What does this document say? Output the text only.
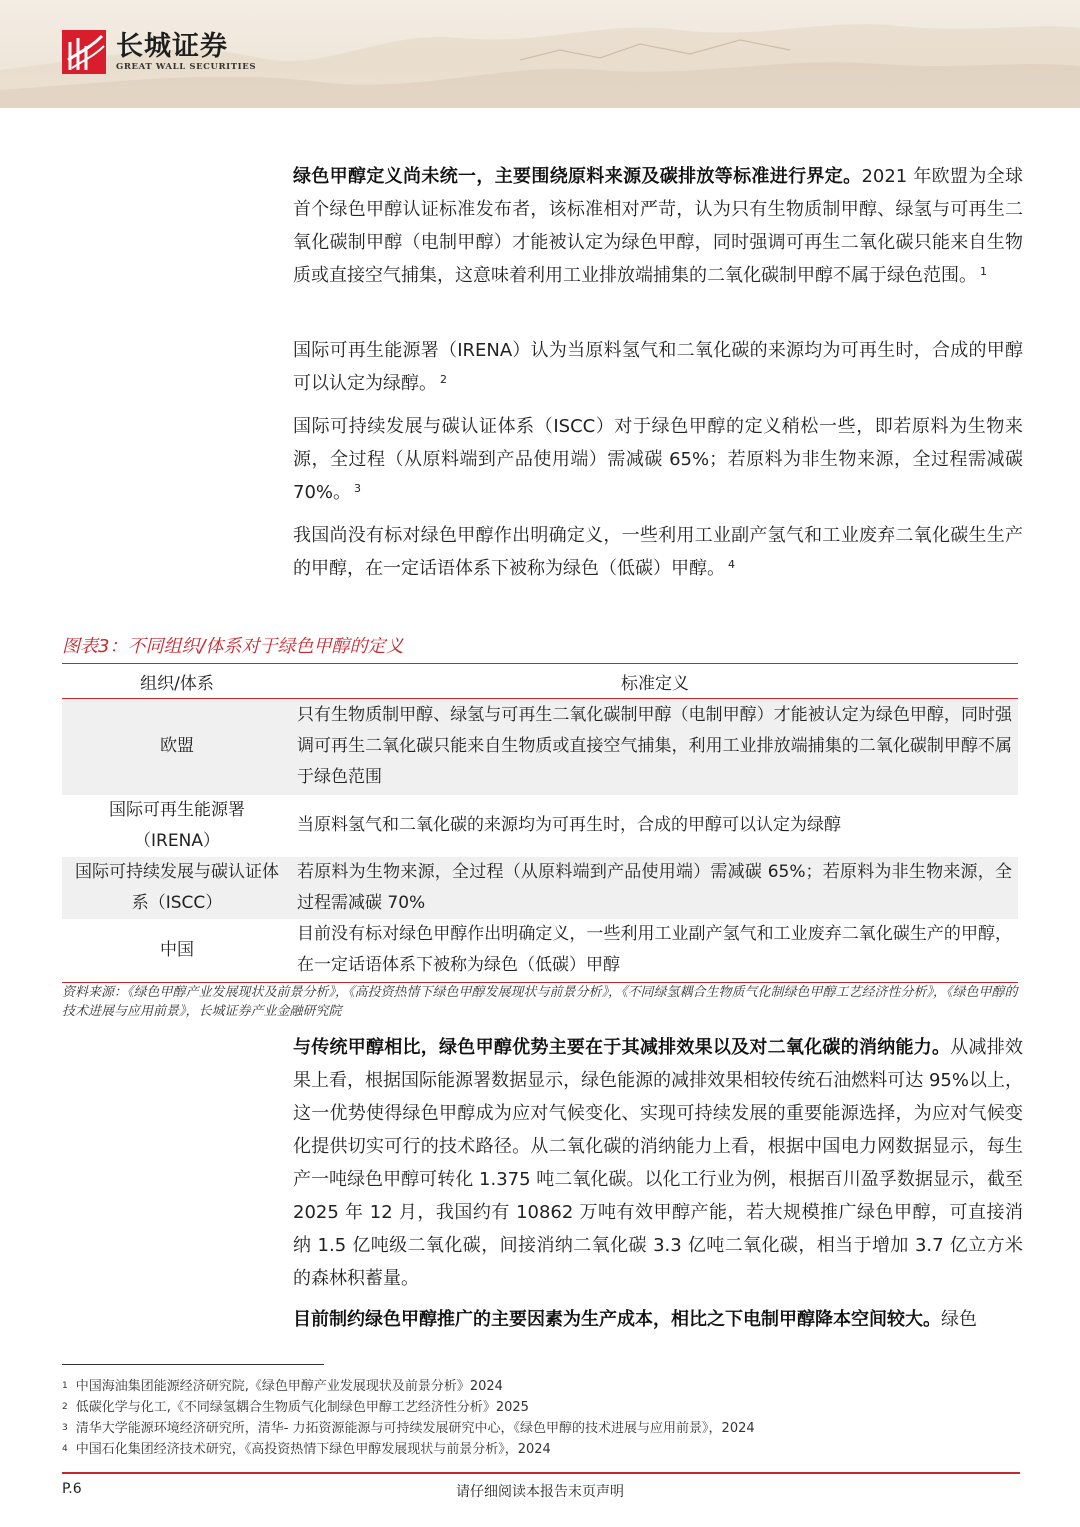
长城证券
GREAT WALL SECURITIES

绿色甲醇定义尚未统一，主要围绕原料来源及碳排放等标准进行界定。2021 年欧盟为全球首个绿色甲醇认证标准发布者，该标准相对严苛，认为只有生物质制甲醇、绿氢与可再生二氧化碳制甲醇（电制甲醇）才能被认定为绿色甲醇，同时强调可再生二氧化碳只能来自生物质或直接空气捕集，这意味着利用工业排放端捕集的二氧化碳制甲醇不属于绿色范围。 $^1$

国际可再生能源署（IRENA）认为当原料氢气和二氧化碳的来源均为可再生时，合成的甲醇可以认定为绿醇。 $^2$

国际可持续发展与碳认证体系（ISCC）对于绿色甲醇的定义稍松一些，即若原料为生物来源，全过程（从原料端到产品使用端）需减碳 65%；若原料为非生物来源，全过程需减碳 70%。 $^3$

我国尚没有标对绿色甲醇作出明确定义，一些利用工业副产氢气和工业废弃二氧化碳生生产的甲醇，在一定话语体系下被称为绿色（低碳）甲醇。 $^4$

图表3：不同组织/体系对于绿色甲醇的定义
组织/体系	标准定义
欧盟	只有生物质制甲醇、绿氢与可再生二氧化碳制甲醇（电制甲醇）才能被认定为绿色甲醇，同时强调可再生二氧化碳只能来自生物质或直接空气捕集，利用工业排放端捕集的二氧化碳制甲醇不属于绿色范围
国际可再生能源署（IRENA）	当原料氢气和二氧化碳的来源均为可再生时，合成的甲醇可以认定为绿醇
国际可持续发展与碳认证体系（ISCC）	若原料为生物来源，全过程（从原料端到产品使用端）需减碳 65%；若原料为非生物来源，全过程需减碳 70%
中国	目前没有标对绿色甲醇作出明确定义，一些利用工业副产氢气和工业废弃二氧化碳生产的甲醇，在一定话语体系下被称为绿色（低碳）甲醇
资料来源：《绿色甲醇产业发展现状及前景分析》，《高投资热情下绿色甲醇发展现状与前景分析》，《不同绿氢耦合生物质气化制绿色甲醇工艺经济性分析》，《绿色甲醇的技术进展与应用前景》，长城证券产业金融研究院

与传统甲醇相比，绿色甲醇优势主要在于其减排效果以及对二氧化碳的消纳能力。从减排效果上看，根据国际能源署数据显示，绿色能源的减排效果相较传统石油燃料可达 95%以上，这一优势使得绿色甲醇成为应对气候变化、实现可持续发展的重要能源选择，为应对气候变化提供切实可行的技术路径。从二氧化碳的消纳能力上看，根据中国电力网数据显示，每生产一吨绿色甲醇可转化 1.375 吨二氧化碳。以化工行业为例，根据百川盈孚数据显示，截至 2025 年 12 月，我国约有 10862 万吨有效甲醇产能，若大规模推广绿色甲醇，可直接消纳 1.5 亿吨级二氧化碳，间接消纳二氧化碳 3.3 亿吨二氧化碳，相当于增加 3.7 亿立方米的森林积蓄量。

目前制约绿色甲醇推广的主要因素为生产成本，相比之下电制甲醇降本空间较大。绿色

$^1$ 中国海油集团能源经济研究院,《绿色甲醇产业发展现状及前景分析》2024
$^2$ 低碳化学与化工,《不同绿氢耦合生物质气化制绿色甲醇工艺经济性分析》2025
$^3$ 清华大学能源环境经济研究所，清华- 力拓资源能源与可持续发展研究中心，《绿色甲醇的技术进展与应用前景》，2024
$^4$ 中国石化集团经济技术研究，《高投资热情下绿色甲醇发展现状与前景分析》，2024
请仔细阅读本报告末页声明
P.6
